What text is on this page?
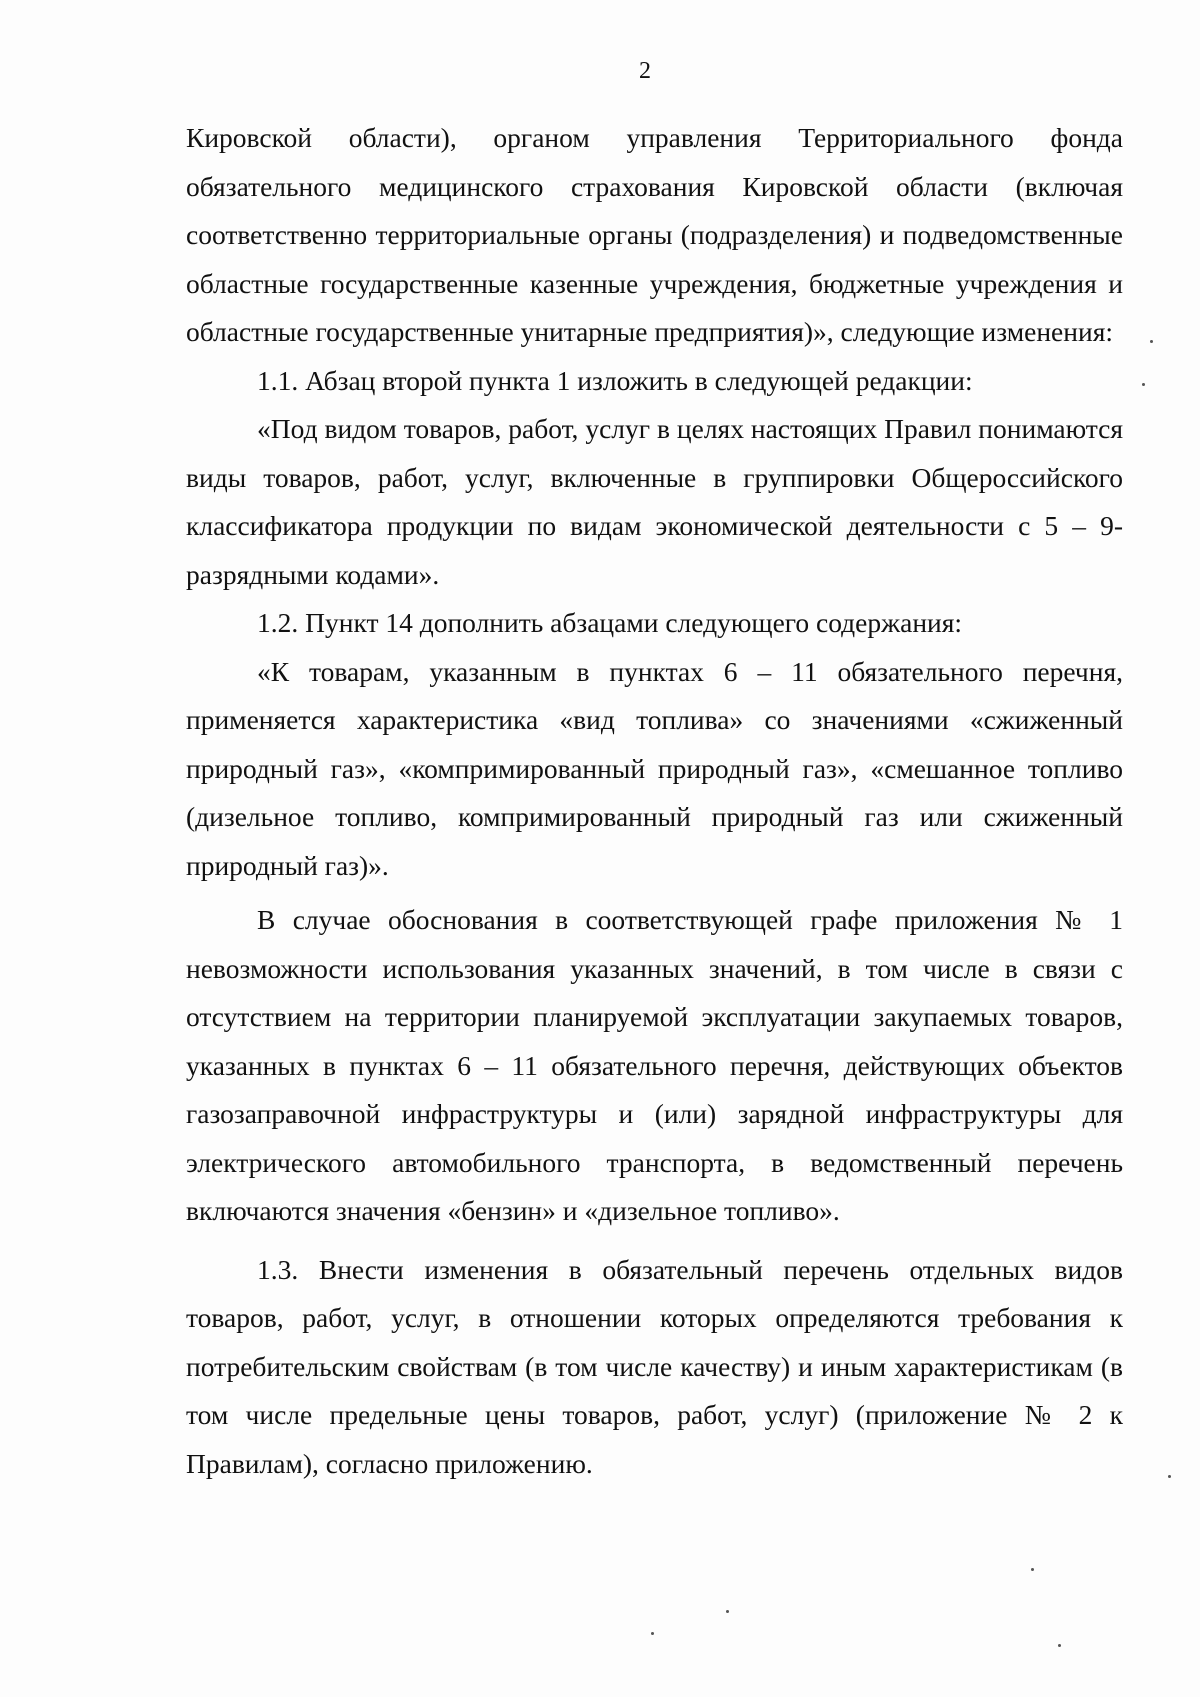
2

Кировской области), органом управления Территориального фонда обязательного медицинского страхования Кировской области (включая соответственно территориальные органы (подразделения) и подведомственные областные государственные казенные учреждения, бюджетные учреждения и областные государственные унитарные предприятия)», следующие изменения:

1.1. Абзац второй пункта 1 изложить в следующей редакции:

«Под видом товаров, работ, услуг в целях настоящих Правил понимаются виды товаров, работ, услуг, включенные в группировки Общероссийского классификатора продукции по видам экономической деятельности с 5 – 9-разрядными кодами».

1.2. Пункт 14 дополнить абзацами следующего содержания:

«К товарам, указанным в пунктах 6 – 11 обязательного перечня, применяется характеристика «вид топлива» со значениями «сжиженный природный газ», «компримированный природный газ», «смешанное топливо (дизельное топливо, компримированный природный газ или сжиженный природный газ)».

В случае обоснования в соответствующей графе приложения № 1 невозможности использования указанных значений, в том числе в связи с отсутствием на территории планируемой эксплуатации закупаемых товаров, указанных в пунктах 6 – 11 обязательного перечня, действующих объектов газозаправочной инфраструктуры и (или) зарядной инфраструктуры для электрического автомобильного транспорта, в ведомственный перечень включаются значения «бензин» и «дизельное топливо».

1.3. Внести изменения в обязательный перечень отдельных видов товаров, работ, услуг, в отношении которых определяются требования к потребительским свойствам (в том числе качеству) и иным характеристикам (в том числе предельные цены товаров, работ, услуг) (приложение № 2 к Правилам), согласно приложению.
